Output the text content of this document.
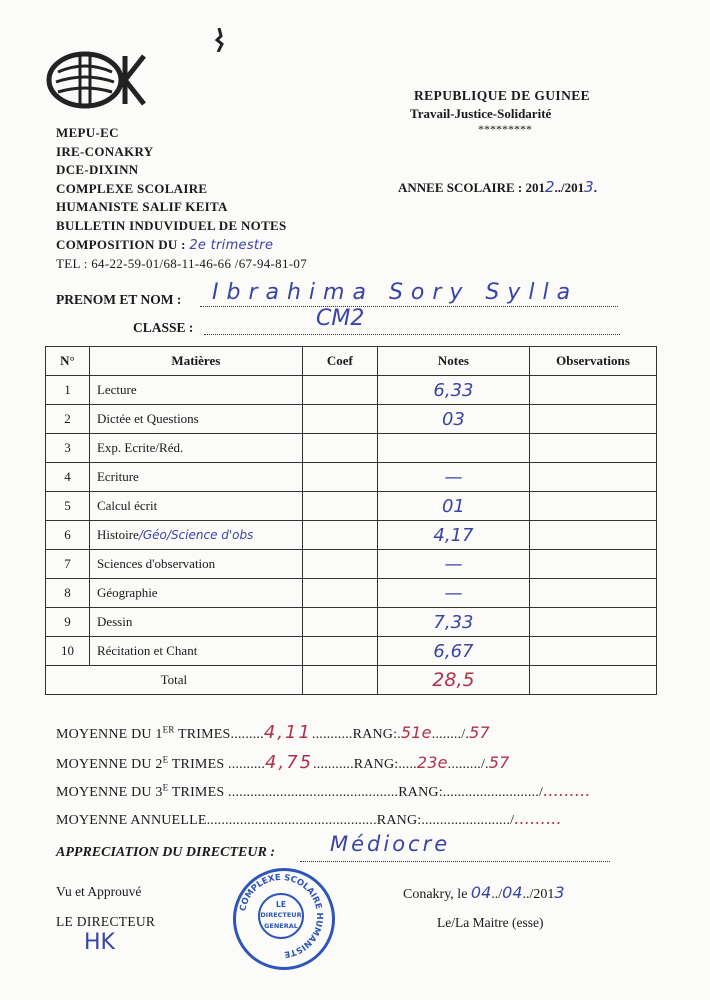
REPUBLIQUE DE GUINEE
Travail-Justice-Solidarité
*********
MEPU-EC
IRE-CONAKRY
DCE-DIXINN
COMPLEXE SCOLAIRE
HUMANISTE SALIF KEITA
BULLETIN INDUVIDUEL DE NOTES
COMPOSITION DU : 2e trimestre
TEL : 64-22-59-01/68-11-46-66 /67-94-81-07
ANNEE SCOLAIRE : 2012../2013.
PRENOM ET NOM : Ibrahima Sory Sylla
CLASSE :	CM2
N°	Matières	Coef	Notes	Observations
1	Lecture		6,33	
2	Dictée et Questions		03	
3	Exp. Ecrite/Réd.			
4	Ecriture		—	
5	Calcul écrit		01	
6	Histoire/Géo/Science d'obs		4,17	
7	Sciences d'observation		—	
8	Géographie		—	
9	Dessin		7,33	
10	Récitation et Chant		6,67	
Total			28,5	
MOYENNE DU 1ER TRIMES.........4,11...........RANG:.51e......../.57
MOYENNE DU $2^E$ TRIMES ..........4,75...........RANG:.....23e........./.57
MOYENNE DU $3^E$ TRIMES ..............................................RANG:........................../.........
MOYENNE ANNUELLE..............................................RANG:......................../.........
APPRECIATION DU DIRECTEUR :	Médiocre
Vu et Approuvé
LE DIRECTEUR
HK
Conakry, le 04../04../2013
Le/La Maitre (esse)
COMPLEXE SCOLAIRE HUMANISTE
LE
DIRECTEUR
GENERAL
